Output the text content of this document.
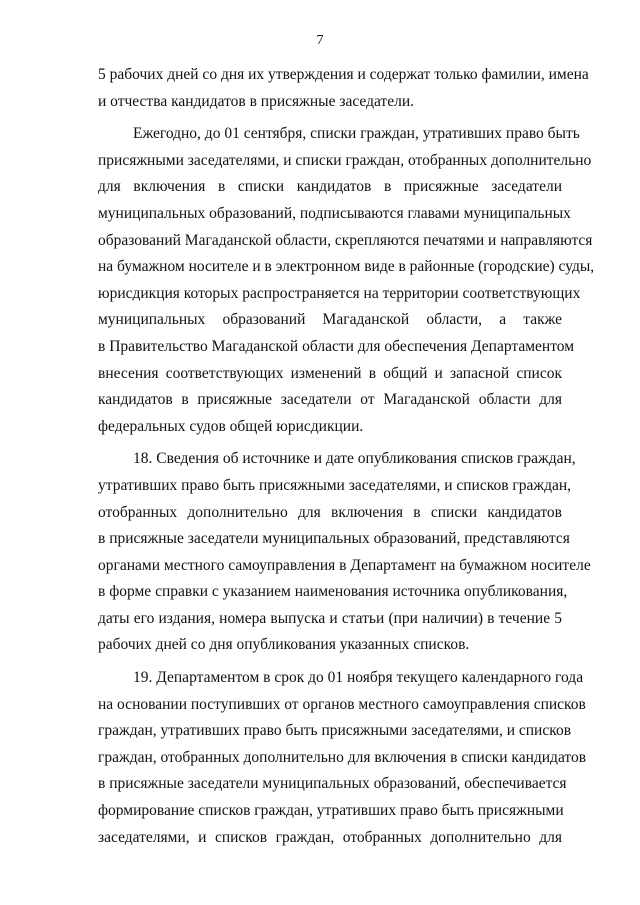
7
5 рабочих дней со дня их утверждения и содержат только фамилии, имена
и отчества кандидатов в присяжные заседатели.
Ежегодно, до 01 сентября, списки граждан, утративших право быть
присяжными заседателями, и списки граждан, отобранных дополнительно
для включения в списки кандидатов в присяжные заседатели
муниципальных образований, подписываются главами муниципальных
образований Магаданской области, скрепляются печатями и направляются
на бумажном носителе и в электронном виде в районные (городские) суды,
юрисдикция которых распространяется на территории соответствующих
муниципальных образований Магаданской области, а также
в Правительство Магаданской области для обеспечения Департаментом
внесения соответствующих изменений в общий и запасной список
кандидатов в присяжные заседатели от Магаданской области для
федеральных судов общей юрисдикции.
18. Сведения об источнике и дате опубликования списков граждан,
утративших право быть присяжными заседателями, и списков граждан,
отобранных дополнительно для включения в списки кандидатов
в присяжные заседатели муниципальных образований, представляются
органами местного самоуправления в Департамент на бумажном носителе
в форме справки с указанием наименования источника опубликования,
даты его издания, номера выпуска и статьи (при наличии) в течение 5
рабочих дней со дня опубликования указанных списков.
19. Департаментом в срок до 01 ноября текущего календарного года
на основании поступивших от органов местного самоуправления списков
граждан, утративших право быть присяжными заседателями, и списков
граждан, отобранных дополнительно для включения в списки кандидатов
в присяжные заседатели муниципальных образований, обеспечивается
формирование списков граждан, утративших право быть присяжными
заседателями, и списков граждан, отобранных дополнительно для
